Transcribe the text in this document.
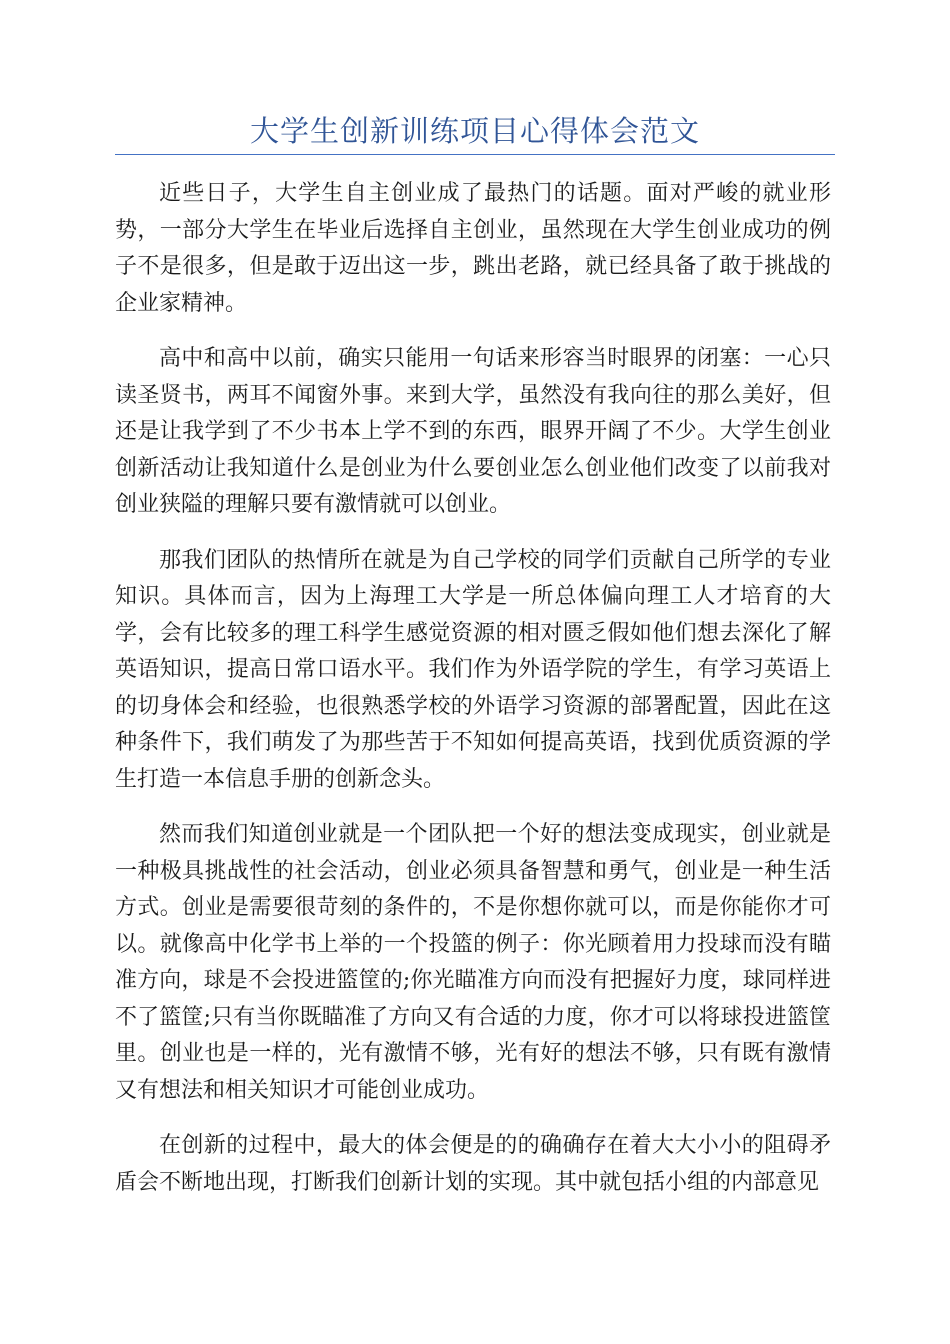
大学生创新训练项目心得体会范文

近些日子，大学生自主创业成了最热门的话题。面对严峻的就业形势，一部分大学生在毕业后选择自主创业，虽然现在大学生创业成功的例子不是很多，但是敢于迈出这一步，跳出老路，就已经具备了敢于挑战的企业家精神。

高中和高中以前，确实只能用一句话来形容当时眼界的闭塞：一心只读圣贤书，两耳不闻窗外事。来到大学，虽然没有我向往的那么美好，但还是让我学到了不少书本上学不到的东西，眼界开阔了不少。大学生创业创新活动让我知道什么是创业为什么要创业怎么创业他们改变了以前我对创业狭隘的理解只要有激情就可以创业。

那我们团队的热情所在就是为自己学校的同学们贡献自己所学的专业知识。具体而言，因为上海理工大学是一所总体偏向理工人才培育的大学，会有比较多的理工科学生感觉资源的相对匮乏假如他们想去深化了解英语知识，提高日常口语水平。我们作为外语学院的学生，有学习英语上的切身体会和经验，也很熟悉学校的外语学习资源的部署配置，因此在这种条件下，我们萌发了为那些苦于不知如何提高英语，找到优质资源的学生打造一本信息手册的创新念头。

然而我们知道创业就是一个团队把一个好的想法变成现实，创业就是一种极具挑战性的社会活动，创业必须具备智慧和勇气，创业是一种生活方式。创业是需要很苛刻的条件的，不是你想你就可以，而是你能你才可以。就像高中化学书上举的一个投篮的例子：你光顾着用力投球而没有瞄准方向，球是不会投进篮筐的;你光瞄准方向而没有把握好力度，球同样进不了篮筐;只有当你既瞄准了方向又有合适的力度，你才可以将球投进篮筐里。创业也是一样的，光有激情不够，光有好的想法不够，只有既有激情又有想法和相关知识才可能创业成功。

在创新的过程中，最大的体会便是的的确确存在着大大小小的阻碍矛盾会不断地出现，打断我们创新计划的实现。其中就包括小组的内部意见
